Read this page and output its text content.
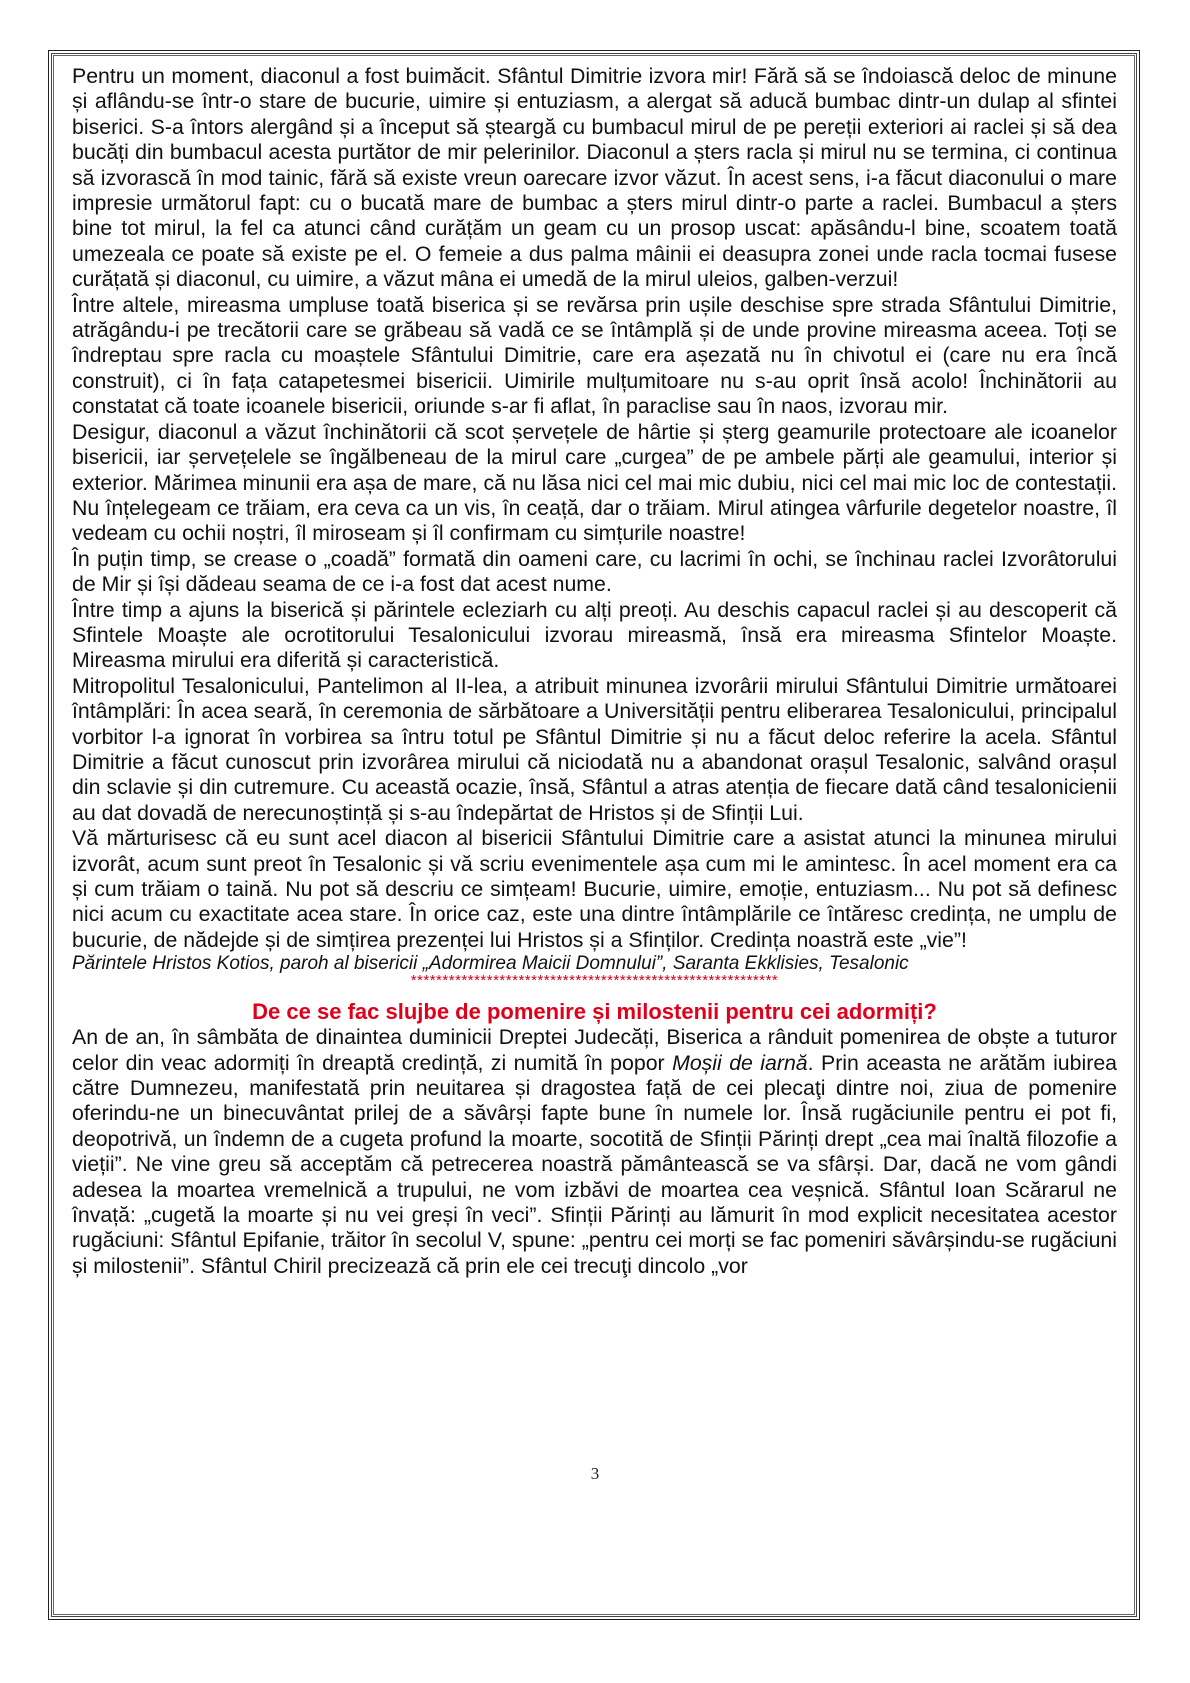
Pentru un moment, diaconul a fost buimăcit. Sfântul Dimitrie izvora mir! Fără să se îndoiască deloc de minune și aflându-se într-o stare de bucurie, uimire și entuziasm, a alergat să aducă bumbac dintr-un dulap al sfintei biserici. S-a întors alergând și a început să șteargă cu bumbacul mirul de pe pereții exteriori ai raclei și să dea bucăți din bumbacul acesta purtător de mir pelerinilor. Diaconul a șters racla și mirul nu se termina, ci continua să izvorască în mod tainic, fără să existe vreun oarecare izvor văzut. În acest sens, i-a făcut diaconului o mare impresie următorul fapt: cu o bucată mare de bumbac a șters mirul dintr-o parte a raclei. Bumbacul a șters bine tot mirul, la fel ca atunci când curățăm un geam cu un prosop uscat: apăsându-l bine, scoatem toată umezeala ce poate să existe pe el. O femeie a dus palma mâinii ei deasupra zonei unde racla tocmai fusese curățată și diaconul, cu uimire, a văzut mâna ei umedă de la mirul uleios, galben-verzui!

Între altele, mireasma umpluse toată biserica și se revărsa prin ușile deschise spre strada Sfântului Dimitrie, atrăgându-i pe trecătorii care se grăbeau să vadă ce se întâmplă și de unde provine mireasma aceea. Toți se îndreptau spre racla cu moaștele Sfântului Dimitrie, care era așezată nu în chivotul ei (care nu era încă construit), ci în fața catapetesmei bisericii. Uimirile mulțumitoare nu s-au oprit însă acolo! Închinătorii au constatat că toate icoanele bisericii, oriunde s-ar fi aflat, în paraclise sau în naos, izvorau mir.

Desigur, diaconul a văzut închinătorii că scot șervețele de hârtie și șterg geamurile protectoare ale icoanelor bisericii, iar șervețelele se îngălbeneau de la mirul care „curgea” de pe ambele părți ale geamului, interior și exterior. Mărimea minunii era așa de mare, că nu lăsa nici cel mai mic dubiu, nici cel mai mic loc de contestații. Nu înțelegeam ce trăiam, era ceva ca un vis, în ceață, dar o trăiam. Mirul atingea vârfurile degetelor noastre, îl vedeam cu ochii noștri, îl miroseam și îl confirmam cu simțurile noastre!

În puțin timp, se crease o „coadă” formată din oameni care, cu lacrimi în ochi, se închinau raclei Izvorâtorului de Mir și își dădeau seama de ce i-a fost dat acest nume.

Între timp a ajuns la biserică și părintele ecleziarh cu alți preoți. Au deschis capacul raclei și au descoperit că Sfintele Moaște ale ocrotitorului Tesalonicului izvorau mireasmă, însă era mireasma Sfintelor Moaște. Mireasma mirului era diferită și caracteristică.

Mitropolitul Tesalonicului, Pantelimon al II-lea, a atribuit minunea izvorârii mirului Sfântului Dimitrie următoarei întâmplări: În acea seară, în ceremonia de sărbătoare a Universității pentru eliberarea Tesalonicului, principalul vorbitor l-a ignorat în vorbirea sa întru totul pe Sfântul Dimitrie și nu a făcut deloc referire la acela. Sfântul Dimitrie a făcut cunoscut prin izvorârea mirului că niciodată nu a abandonat orașul Tesalonic, salvând orașul din sclavie și din cutremure. Cu această ocazie, însă, Sfântul a atras atenția de fiecare dată când tesalonicienii au dat dovadă de nerecunoștință și s-au îndepărtat de Hristos și de Sfinții Lui.

Vă mărturisesc că eu sunt acel diacon al bisericii Sfântului Dimitrie care a asistat atunci la minunea mirului izvorât, acum sunt preot în Tesalonic și vă scriu evenimentele așa cum mi le amintesc. În acel moment era ca și cum trăiam o taină. Nu pot să descriu ce simțeam! Bucurie, uimire, emoție, entuziasm... Nu pot să definesc nici acum cu exactitate acea stare. În orice caz, este una dintre întâmplările ce întăresc credința, ne umplu de bucurie, de nădejde și de simțirea prezenței lui Hristos și a Sfinților. Credința noastră este „vie”!

Părintele Hristos Kotios, paroh al bisericii „Adormirea Maicii Domnului”, Saranta Ekklisies, Tesalonic

**********************************************************

De ce se fac slujbe de pomenire și milostenii pentru cei adormiți?

An de an, în sâmbăta de dinaintea duminicii Dreptei Judecăți, Biserica a rânduit pomenirea de obște a tuturor celor din veac adormiți în dreaptă credință, zi numită în popor Moșii de iarnă. Prin aceasta ne arătăm iubirea către Dumnezeu, manifestată prin neuitarea și dragostea față de cei plecaţi dintre noi, ziua de pomenire oferindu-ne un binecuvântat prilej de a săvârși fapte bune în numele lor. Însă rugăciunile pentru ei pot fi, deopotrivă, un îndemn de a cugeta profund la moarte, socotită de Sfinții Părinți drept „cea mai înaltă filozofie a vieții”. Ne vine greu să acceptăm că petrecerea noastră pământească se va sfârși. Dar, dacă ne vom gândi adesea la moartea vremelnică a trupului, ne vom izbăvi de moartea cea veșnică. Sfântul Ioan Scărarul ne învață: „cugetă la moarte și nu vei greși în veci”. Sfinții Părinți au lămurit în mod explicit necesitatea acestor rugăciuni: Sfântul Epifanie, trăitor în secolul V, spune: „pentru cei morți se fac pomeniri săvârșindu-se rugăciuni și milostenii”. Sfântul Chiril precizează că prin ele cei trecuţi dincolo „vor

3
